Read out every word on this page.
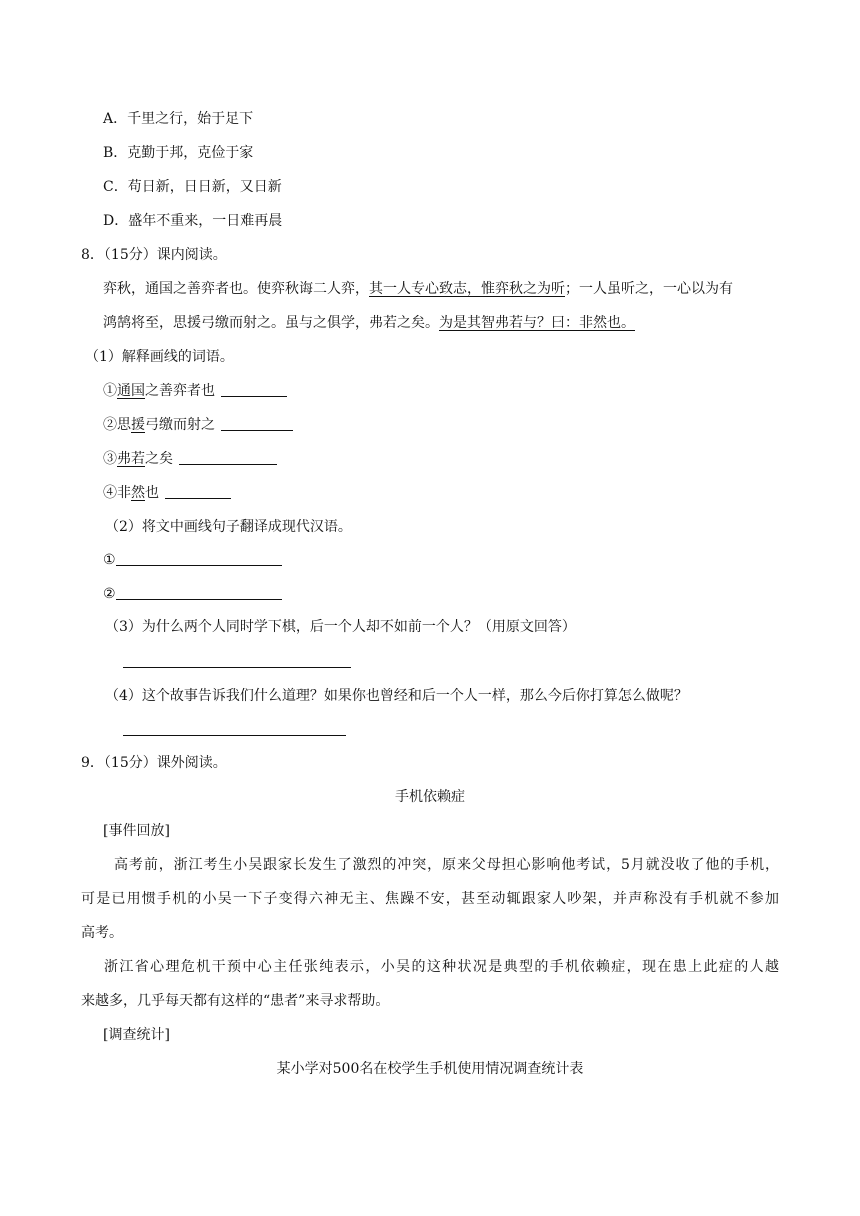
A．千里之行，始于足下
B．克勤于邦，克俭于家
C．苟日新，日日新，又日新
D．盛年不重来，一日难再晨
8．（15分）课内阅读。
弈秋，通国之善弈者也。使弈秋诲二人弈，其一人专心致志，惟弈秋之为听；一人虽听之，一心以为有
鸿鹄将至，思援弓缴而射之。虽与之俱学，弗若之矣。为是其智弗若与？曰：非然也。
（1）解释画线的词语。
①通国之善弈者也
②思援弓缴而射之
③弗若之矣
④非然也
（2）将文中画线句子翻译成现代汉语。
①
②
（3）为什么两个人同时学下棋，后一个人却不如前一个人？（用原文回答）
（4）这个故事告诉我们什么道理？如果你也曾经和后一个人一样，那么今后你打算怎么做呢？
9．（15分）课外阅读。
手机依赖症
[事件回放]
高考前，浙江考生小吴跟家长发生了激烈的冲突，原来父母担心影响他考试，5月就没收了他的手机，
可是已用惯手机的小吴一下子变得六神无主、焦躁不安，甚至动辄跟家人吵架，并声称没有手机就不参加
高考。
浙江省心理危机干预中心主任张纯表示，小吴的这种状况是典型的手机依赖症，现在患上此症的人越
来越多，几乎每天都有这样的“患者”来寻求帮助。
[调查统计]
某小学对500名在校学生手机使用情况调查统计表
